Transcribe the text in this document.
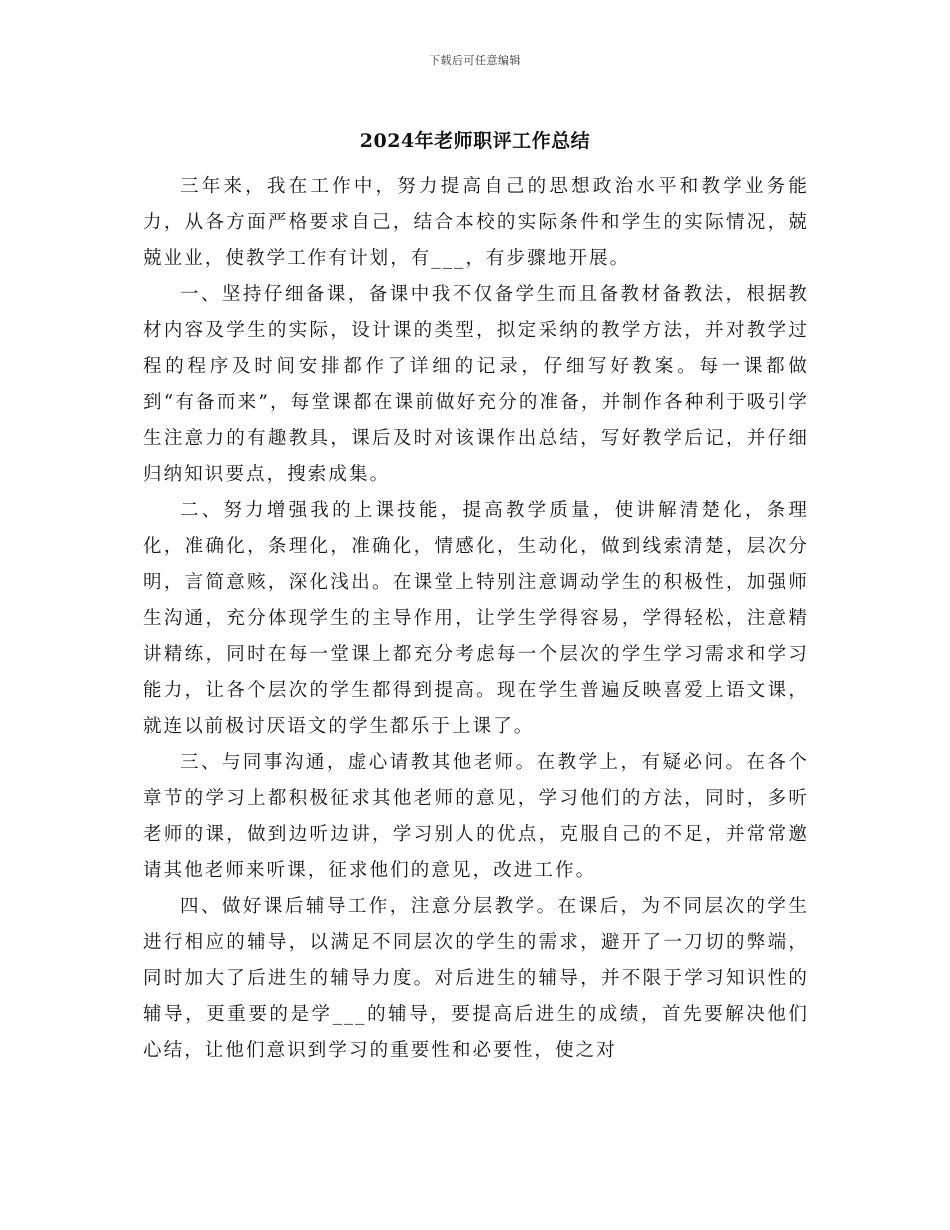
下载后可任意编辑
2024年老师职评工作总结

三年来，我在工作中，努力提高自己的思想政治水平和教学业务能力，从各方面严格要求自己，结合本校的实际条件和学生的实际情况，兢兢业业，使教学工作有计划，有___，有步骤地开展。

一、坚持仔细备课，备课中我不仅备学生而且备教材备教法，根据教材内容及学生的实际，设计课的类型，拟定采纳的教学方法，并对教学过程的程序及时间安排都作了详细的记录，仔细写好教案。每一课都做到“有备而来”，每堂课都在课前做好充分的准备，并制作各种利于吸引学生注意力的有趣教具，课后及时对该课作出总结，写好教学后记，并仔细归纳知识要点，搜索成集。

二、努力增强我的上课技能，提高教学质量，使讲解清楚化，条理化，准确化，条理化，准确化，情感化，生动化，做到线索清楚，层次分明，言简意赅，深化浅出。在课堂上特别注意调动学生的积极性，加强师生沟通，充分体现学生的主导作用，让学生学得容易，学得轻松，注意精讲精练，同时在每一堂课上都充分考虑每一个层次的学生学习需求和学习能力，让各个层次的学生都得到提高。现在学生普遍反映喜爱上语文课，就连以前极讨厌语文的学生都乐于上课了。

三、与同事沟通，虚心请教其他老师。在教学上，有疑必问。在各个章节的学习上都积极征求其他老师的意见，学习他们的方法，同时，多听老师的课，做到边听边讲，学习别人的优点，克服自己的不足，并常常邀请其他老师来听课，征求他们的意见，改进工作。

四、做好课后辅导工作，注意分层教学。在课后，为不同层次的学生进行相应的辅导，以满足不同层次的学生的需求，避开了一刀切的弊端，同时加大了后进生的辅导力度。对后进生的辅导，并不限于学习知识性的辅导，更重要的是学___的辅导，要提高后进生的成绩，首先要解决他们心结，让他们意识到学习的重要性和必要性，使之对
